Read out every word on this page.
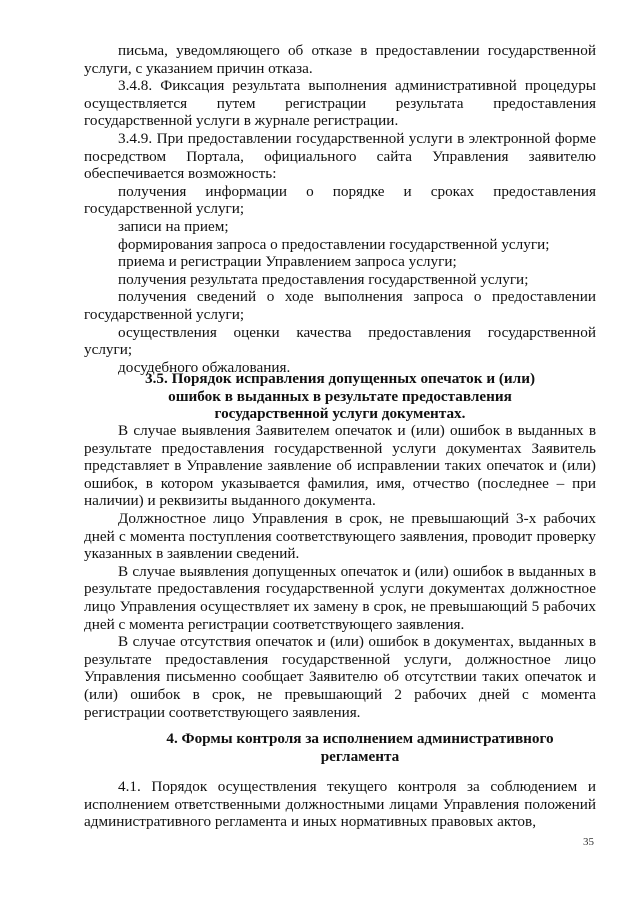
письма, уведомляющего об отказе в предоставлении государственной услуги, с указанием причин отказа.

3.4.8. Фиксация результата выполнения административной процедуры осуществляется путем регистрации результата предоставления государственной услуги в журнале регистрации.

3.4.9. При предоставлении государственной услуги в электронной форме посредством Портала, официального сайта Управления заявителю обеспечивается возможность:

получения информации о порядке и сроках предоставления государственной услуги;

записи на прием;

формирования запроса о предоставлении государственной услуги;

приема и регистрации Управлением запроса услуги;

получения результата предоставления государственной услуги;

получения сведений о ходе выполнения запроса о предоставлении государственной услуги;

осуществления оценки качества предоставления государственной услуги;

досудебного обжалования.

3.5. Порядок исправления допущенных опечаток и (или) ошибок в выданных в результате предоставления государственной услуги документах.

В случае выявления Заявителем опечаток и (или) ошибок в выданных в результате предоставления государственной услуги документах Заявитель представляет в Управление заявление об исправлении таких опечаток и (или) ошибок, в котором указывается фамилия, имя, отчество (последнее – при наличии) и реквизиты выданного документа.

Должностное лицо Управления в срок, не превышающий 3-х рабочих дней с момента поступления соответствующего заявления, проводит проверку указанных в заявлении сведений.

В случае выявления допущенных опечаток и (или) ошибок в выданных в результате предоставления государственной услуги документах должностное лицо Управления осуществляет их замену в срок, не превышающий 5 рабочих дней с момента регистрации соответствующего заявления.

В случае отсутствия опечаток и (или) ошибок в документах, выданных в результате предоставления государственной услуги, должностное лицо Управления письменно сообщает Заявителю об отсутствии таких опечаток и (или) ошибок в срок, не превышающий 2 рабочих дней с момента регистрации соответствующего заявления.

4. Формы контроля за исполнением административного регламента

4.1. Порядок осуществления текущего контроля за соблюдением и исполнением ответственными должностными лицами Управления положений административного регламента и иных нормативных правовых актов,

35
